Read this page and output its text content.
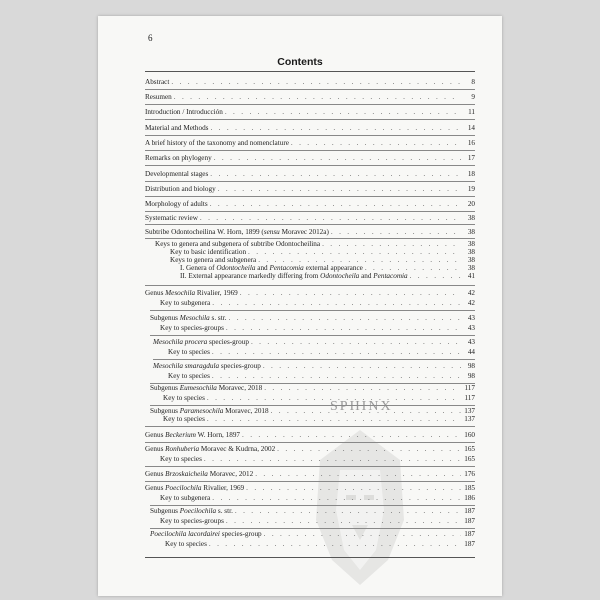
6
Contents
SPHINX
Abstract . . .	8
Resumen . . .	9
Introduction / Introducción . . .	11
Material and Methods . . .	14
A brief history of the taxonomy and nomenclature . . .	16
Remarks on phylogeny . . .	17
Developmental stages . . .	18
Distribution and biology . . .	19
Morphology of adults . . .	20
Systematic review . . .	38
Subtribe Odontocheilina W. Horn, 1899 (sensu Moravec 2012a) . . .	38
Keys to genera and subgenera of subtribe Odontocheilina . . .	38
Key to basic identification . . .	38
Keys to genera and subgenera . . .	38
I. Genera of Odontocheila and Pentacomia external appearance . . .	38
II. External appearance markedly differing from Odontocheila and Pentacomia . . .	41
Genus Mesochila Rivalier, 1969 . . .	42
Key to subgenera . . .	42
Subgenus Mesochila s. str. . . .	43
Key to species-groups . . .	43
Mesochila procera species-group . . .	43
Key to species . . .	44
Mesochila smaragdula species-group . . .	98
Key to species . . .	98
Subgenus Eumesochila Moravec, 2018 . . .	117
Key to species . . .	117
Subgenus Paramesochila Moravec, 2018 . . .	137
Key to species . . .	137
Genus Beckerium W. Horn, 1897 . . .	160
Genus Ronhuberia Moravec & Kudrna, 2002 . . .	165
Key to species . . .	165
Genus Brzoskaicheila Moravec, 2012 . . .	176
Genus Poecilochila Rivalier, 1969 . . .	185
Key to subgenera . . .	186
Subgenus Poecilochila s. str. . . .	187
Key to species-groups . . .	187
Poecilochila lacordairei species-group . . .	187
Key to species . . .	187
